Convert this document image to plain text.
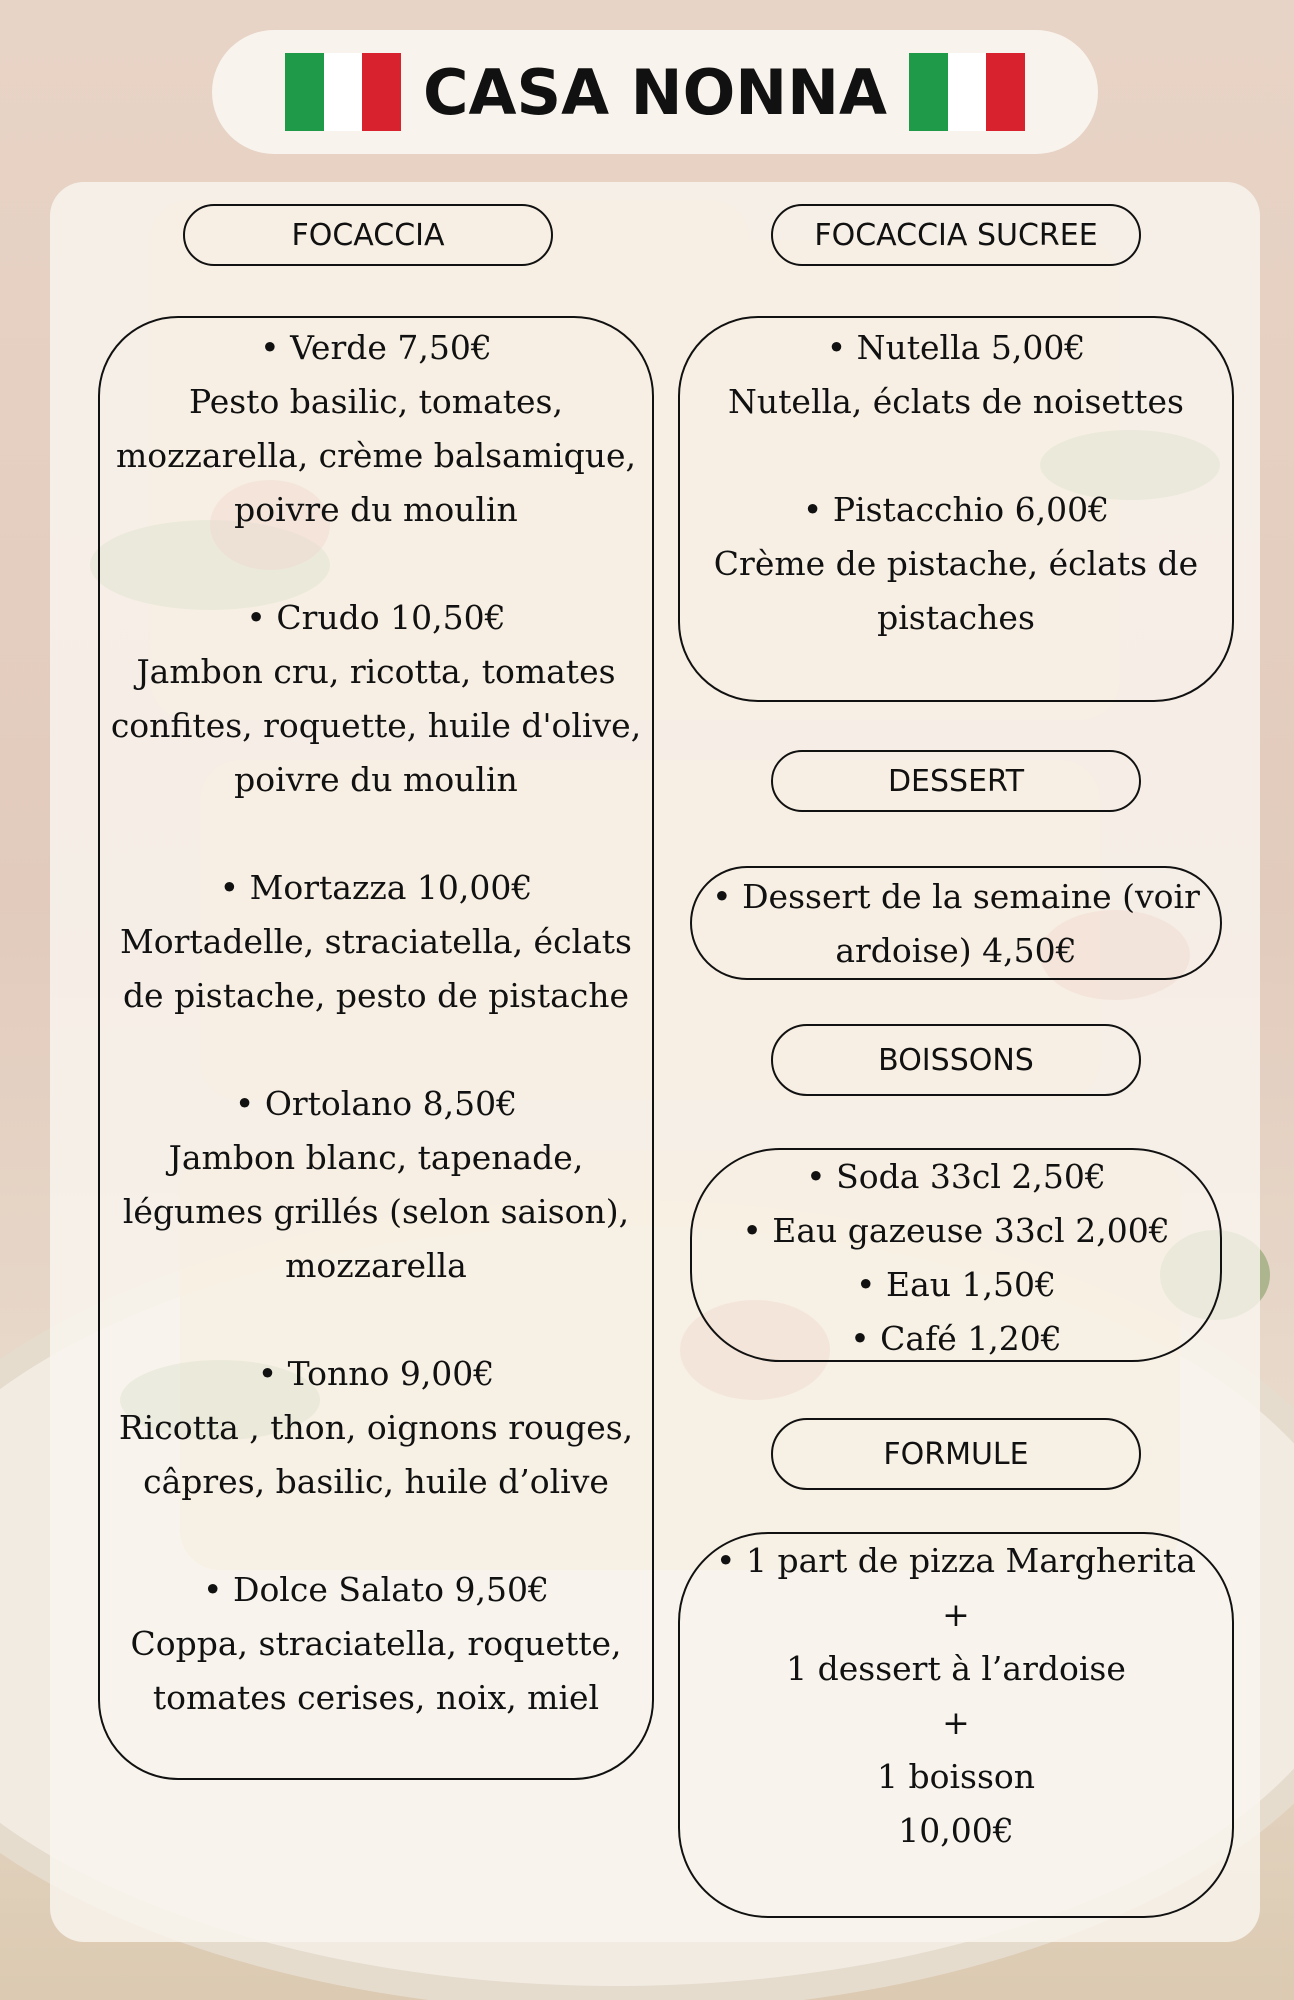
CASA NONNA
FOCACCIA
• Verde 7,50€
Pesto basilic, tomates,
mozzarella, crème balsamique,
poivre du moulin
• Crudo 10,50€
Jambon cru, ricotta, tomates
confites, roquette, huile d'olive,
poivre du moulin
• Mortazza 10,00€
Mortadelle, straciatella, éclats
de pistache, pesto de pistache
• Ortolano 8,50€
Jambon blanc, tapenade,
légumes grillés (selon saison),
mozzarella
• Tonno 9,00€
Ricotta , thon, oignons rouges,
câpres, basilic, huile d’olive
• Dolce Salato 9,50€
Coppa, straciatella, roquette,
tomates cerises, noix, miel
FOCACCIA SUCREE
• Nutella 5,00€
Nutella, éclats de noisettes
• Pistacchio 6,00€
Crème de pistache, éclats de
pistaches
DESSERT
• Dessert de la semaine (voir
ardoise) 4,50€
BOISSONS
• Soda 33cl 2,50€
• Eau gazeuse 33cl 2,00€
• Eau 1,50€
• Café 1,20€
FORMULE
• 1 part de pizza Margherita
+
1 dessert à l’ardoise
+
1 boisson
10,00€
